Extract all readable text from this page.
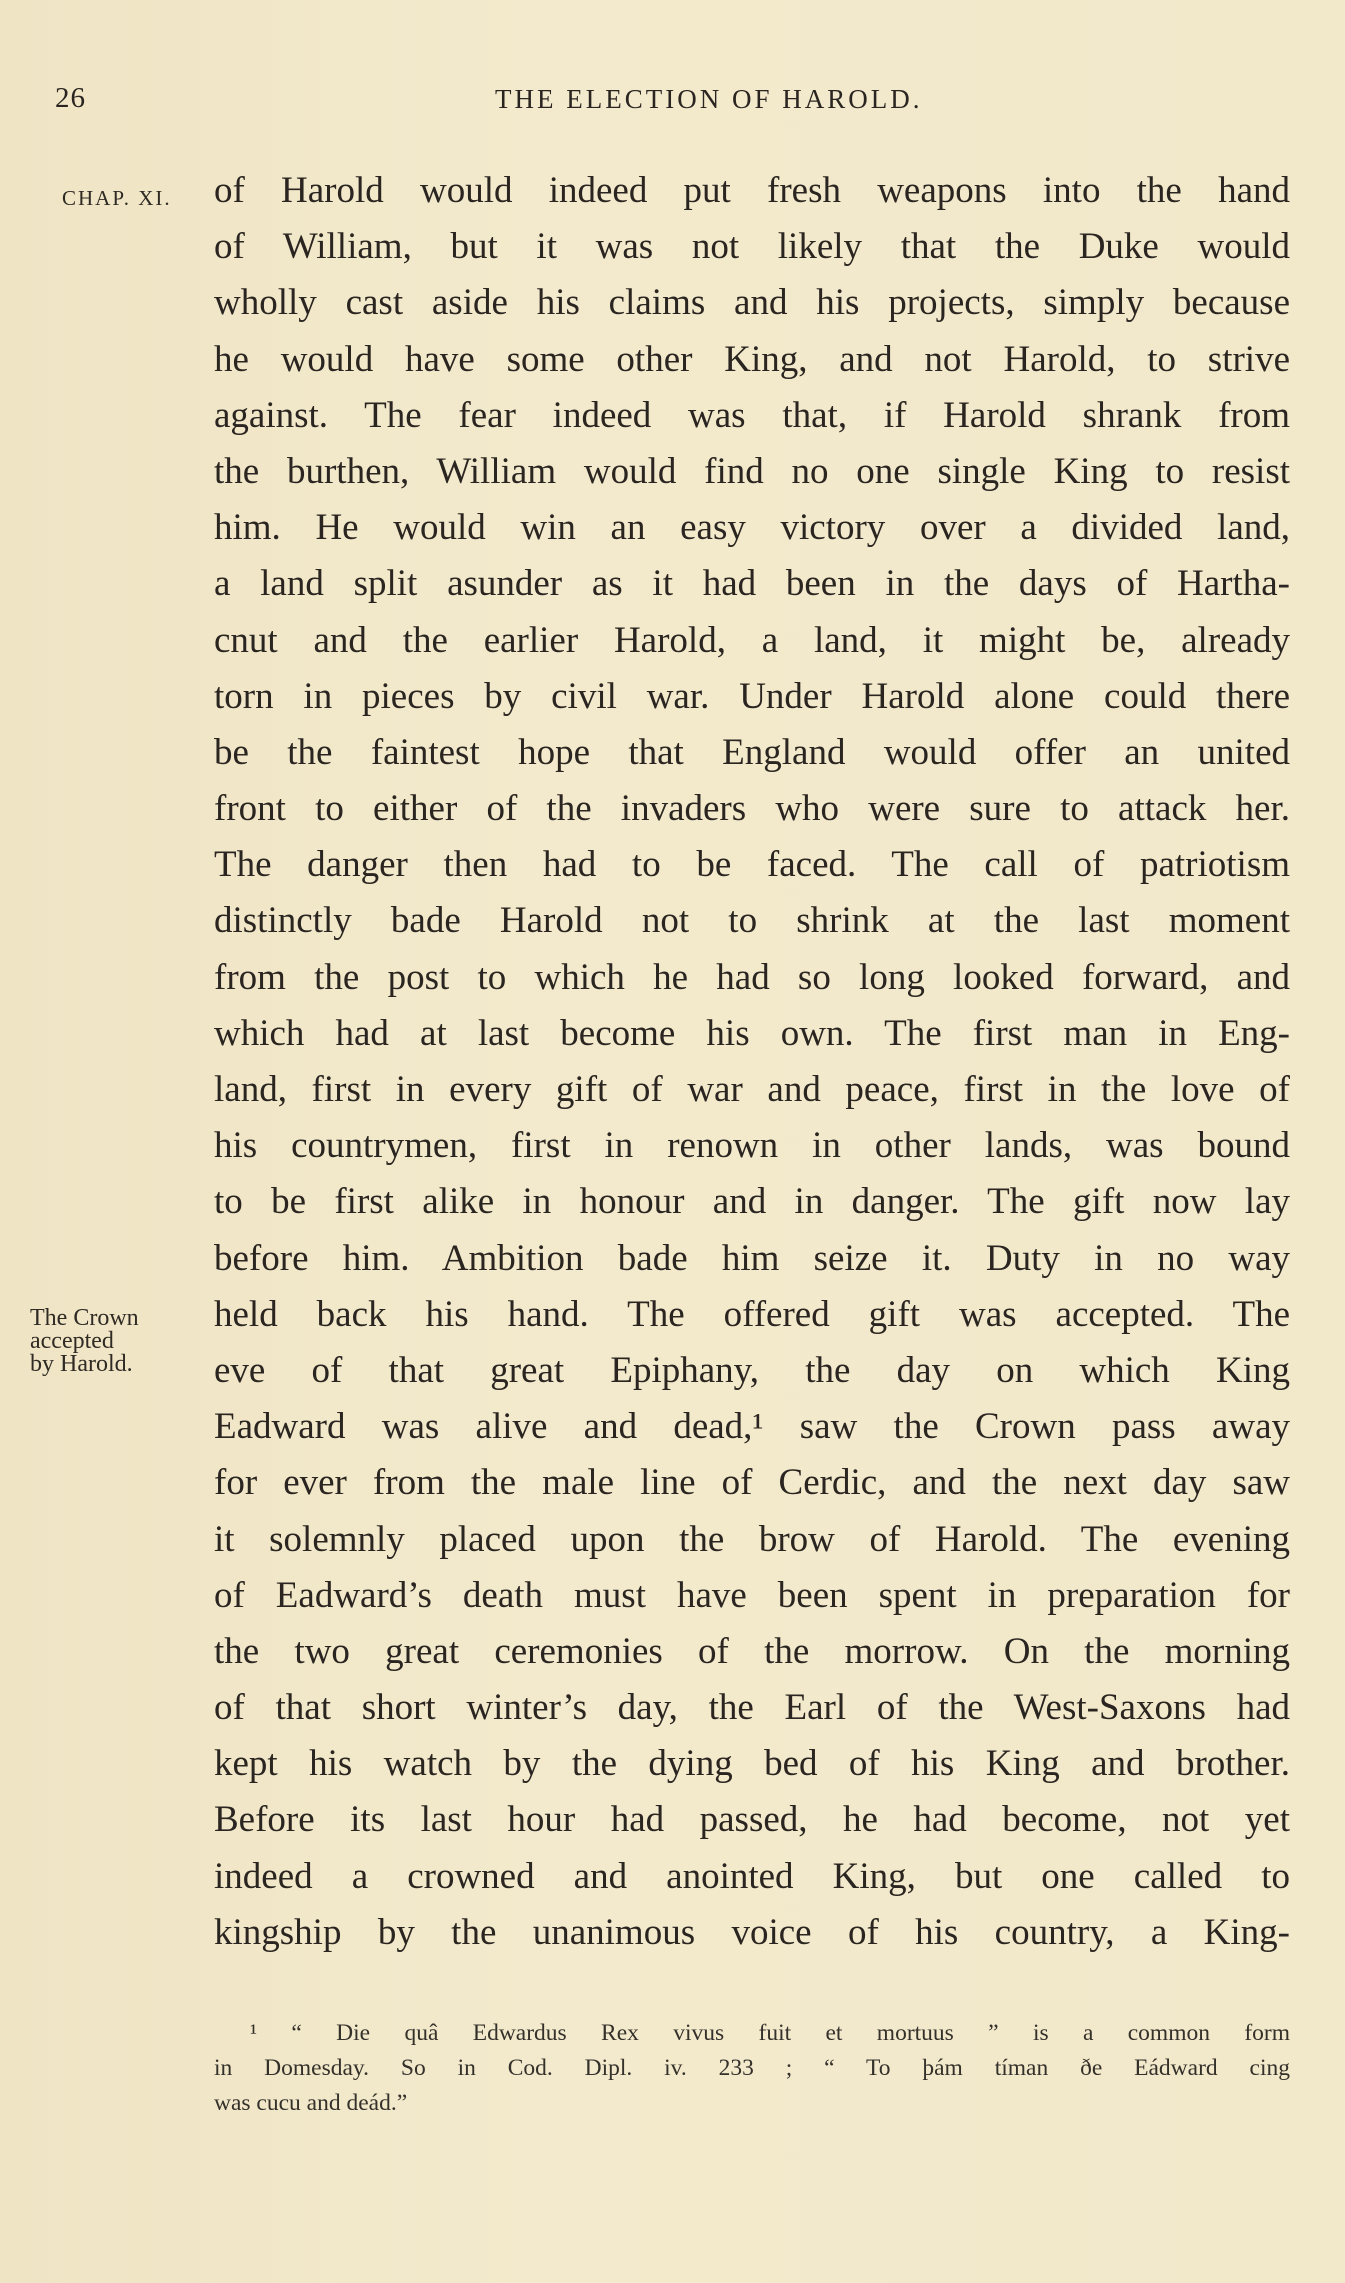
26	THE ELECTION OF HAROLD.
CHAP. XI.
The Crown
accepted
by Harold.
of Harold would indeed put fresh weapons into the hand
of William, but it was not likely that the Duke would
wholly cast aside his claims and his projects, simply because
he would have some other King, and not Harold, to strive
against. The fear indeed was that, if Harold shrank from
the burthen, William would find no one single King to resist
him. He would win an easy victory over a divided land,
a land split asunder as it had been in the days of Hartha-
cnut and the earlier Harold, a land, it might be, already
torn in pieces by civil war. Under Harold alone could there
be the faintest hope that England would offer an united
front to either of the invaders who were sure to attack her.
The danger then had to be faced. The call of patriotism
distinctly bade Harold not to shrink at the last moment
from the post to which he had so long looked forward, and
which had at last become his own. The first man in Eng-
land, first in every gift of war and peace, first in the love of
his countrymen, first in renown in other lands, was bound
to be first alike in honour and in danger. The gift now lay
before him. Ambition bade him seize it. Duty in no way
held back his hand. The offered gift was accepted. The
eve of that great Epiphany, the day on which King
Eadward was alive and dead,¹ saw the Crown pass away
for ever from the male line of Cerdic, and the next day saw
it solemnly placed upon the brow of Harold. The evening
of Eadward’s death must have been spent in preparation for
the two great ceremonies of the morrow. On the morning
of that short winter’s day, the Earl of the West-Saxons had
kept his watch by the dying bed of his King and brother.
Before its last hour had passed, he had become, not yet
indeed a crowned and anointed King, but one called to
kingship by the unanimous voice of his country, a King-
¹ “ Die quâ Edwardus Rex vivus fuit et mortuus ” is a common form
in Domesday. So in Cod. Dipl. iv. 233 ; “ To þám tíman ðe Eádward cing
was cucu and deád.”
